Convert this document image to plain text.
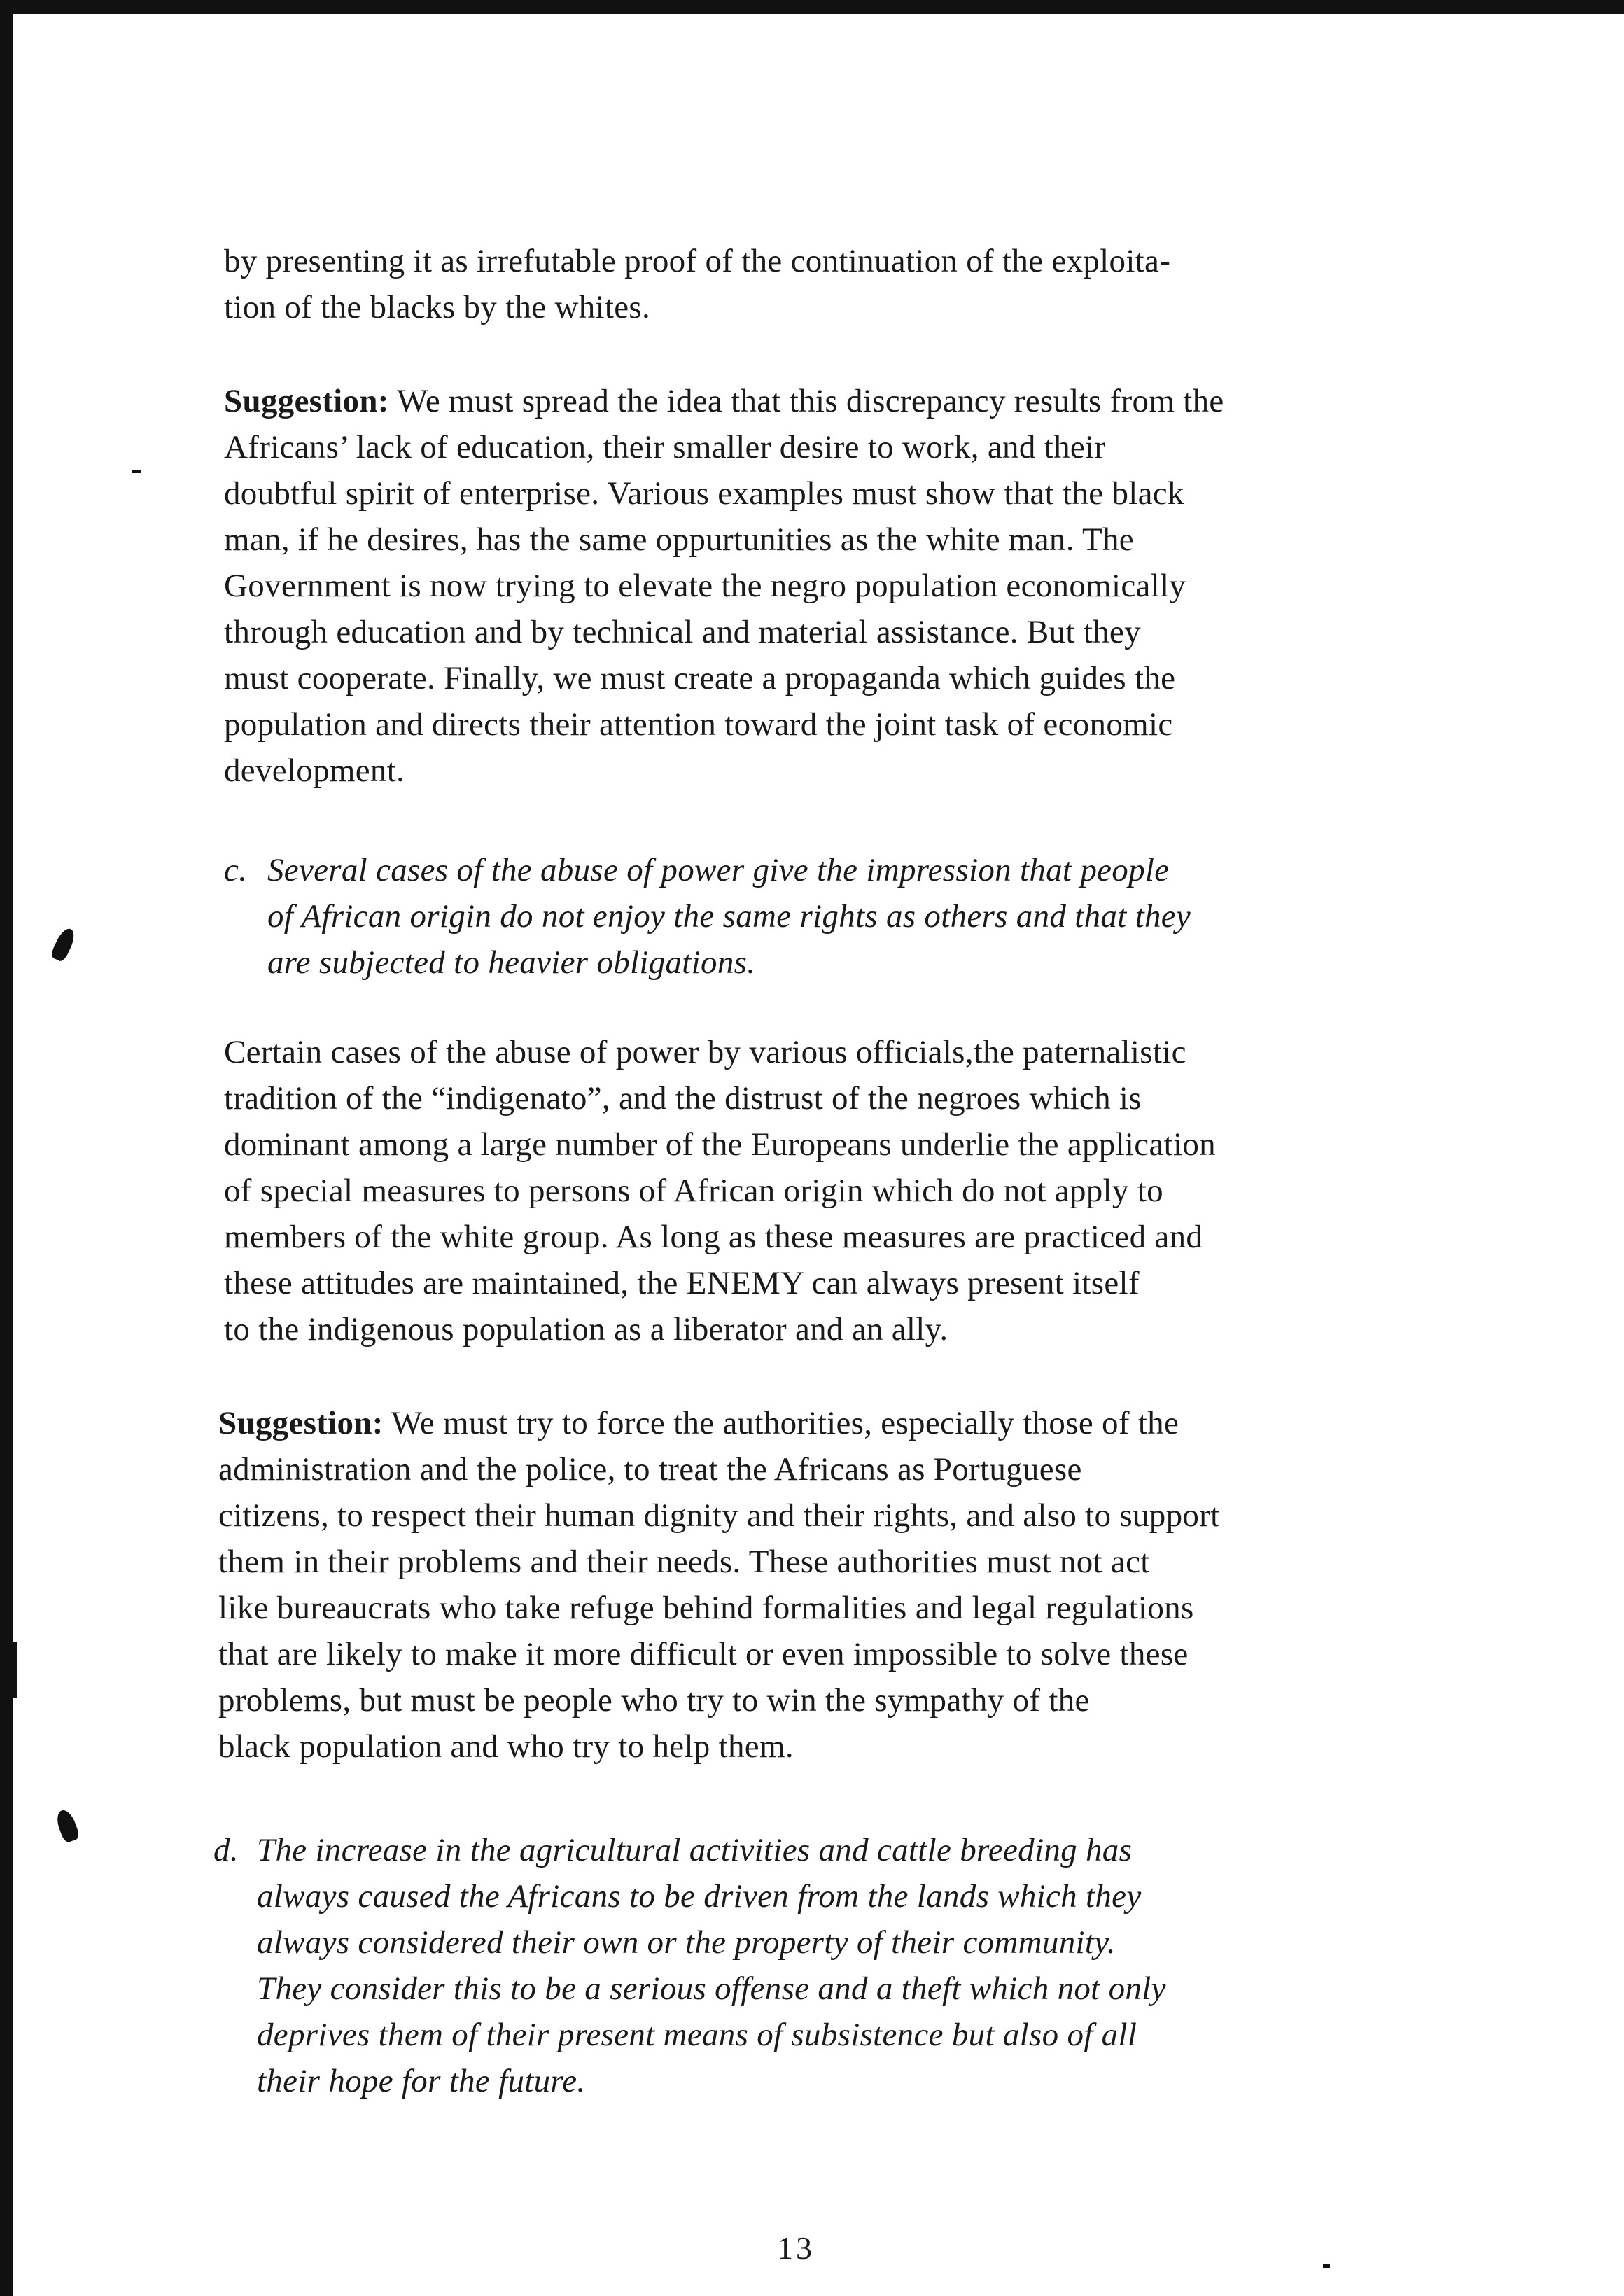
by presenting it as irrefutable proof of the continuation of the exploita-
tion of the blacks by the whites.
Suggestion: We must spread the idea that this discrepancy results from the
Africans’ lack of education, their smaller desire to work, and their
doubtful spirit of enterprise. Various examples must show that the black
man, if he desires, has the same oppurtunities as the white man. The
Government is now trying to elevate the negro population economically
through education and by technical and material assistance. But they
must cooperate. Finally, we must create a propaganda which guides the
population and directs their attention toward the joint task of economic
development.
c. Several cases of the abuse of power give the impression that people
of African origin do not enjoy the same rights as others and that they
are subjected to heavier obligations.
Certain cases of the abuse of power by various officials,the paternalistic
tradition of the “indigenato”, and the distrust of the negroes which is
dominant among a large number of the Europeans underlie the application
of special measures to persons of African origin which do not apply to
members of the white group. As long as these measures are practiced and
these attitudes are maintained, the ENEMY can always present itself
to the indigenous population as a liberator and an ally.
Suggestion: We must try to force the authorities, especially those of the
administration and the police, to treat the Africans as Portuguese
citizens, to respect their human dignity and their rights, and also to support
them in their problems and their needs. These authorities must not act
like bureaucrats who take refuge behind formalities and legal regulations
that are likely to make it more difficult or even impossible to solve these
problems, but must be people who try to win the sympathy of the
black population and who try to help them.
d. The increase in the agricultural activities and cattle breeding has
always caused the Africans to be driven from the lands which they
always considered their own or the property of their community.
They consider this to be a serious offense and a theft which not only
deprives them of their present means of subsistence but also of all
their hope for the future.
13
